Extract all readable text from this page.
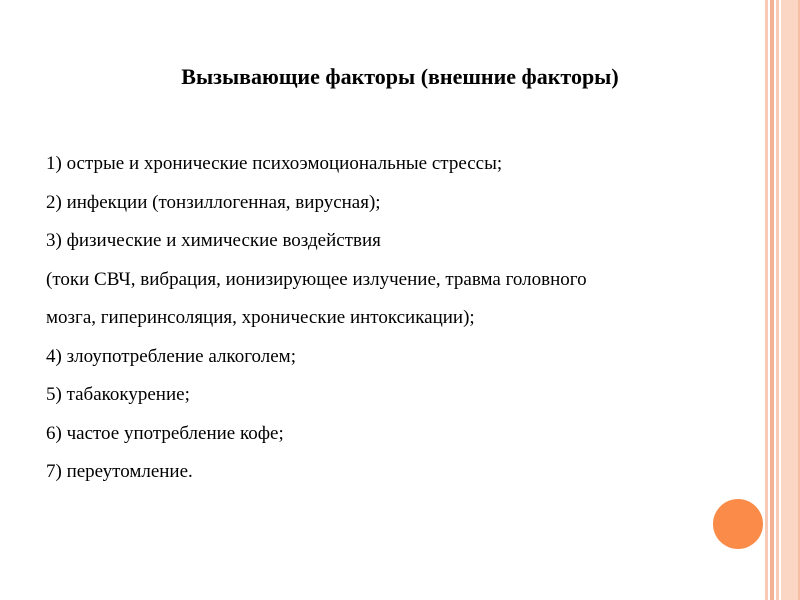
Вызывающие факторы (внешние факторы)
1) острые и хронические психоэмоциональные стрессы;
2) инфекции (тонзиллогенная, вирусная);
3) физические и химические воздействия
(токи СВЧ, вибрация, ионизирующее излучение, травма головного
мозга, гиперинсоляция, хронические интоксикации);
4) злоупотребление алкоголем;
5) табакокурение;
6) частое употребление кофе;
7) переутомление.
